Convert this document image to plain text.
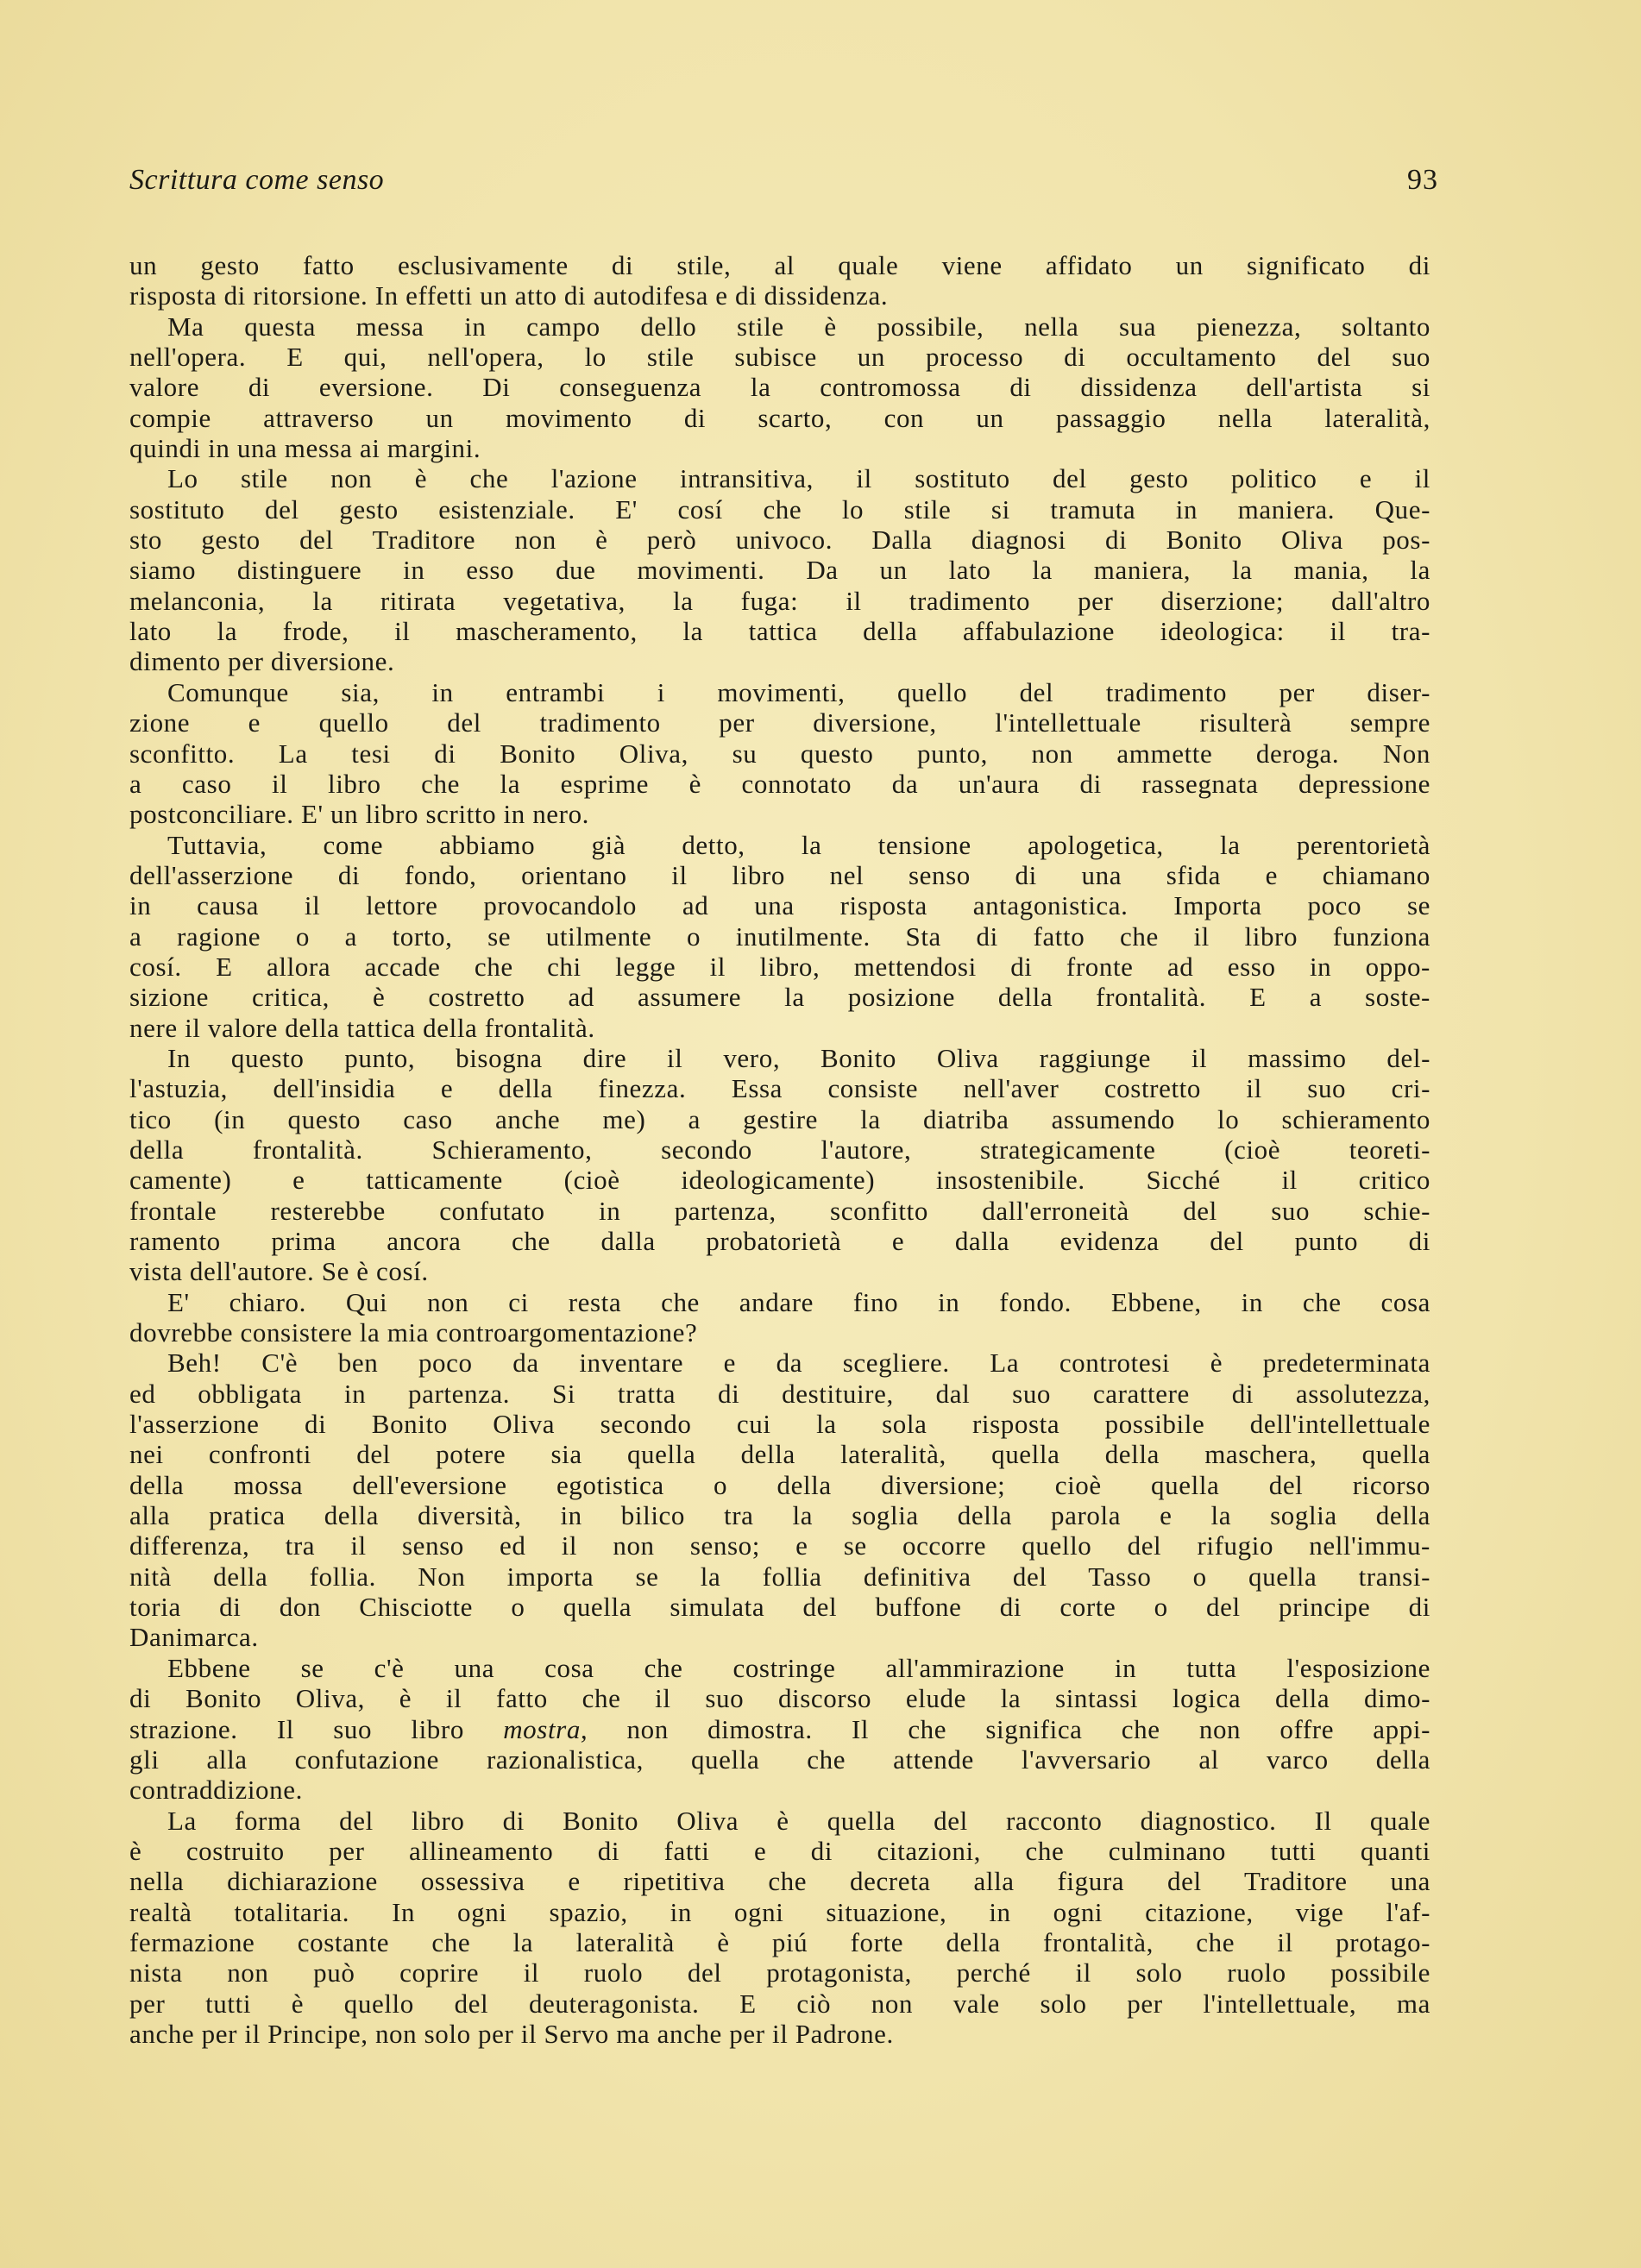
Scrittura come senso	93
un gesto fatto esclusivamente di stile, al quale viene affidato un significato di
risposta di ritorsione. In effetti un atto di autodifesa e di dissidenza.
Ma questa messa in campo dello stile è possibile, nella sua pienezza, soltanto
nell'opera. E qui, nell'opera, lo stile subisce un processo di occultamento del suo
valore di eversione. Di conseguenza la contromossa di dissidenza dell'artista si
compie attraverso un movimento di scarto, con un passaggio nella lateralità,
quindi in una messa ai margini.
Lo stile non è che l'azione intransitiva, il sostituto del gesto politico e il
sostituto del gesto esistenziale. E' cosí che lo stile si tramuta in maniera. Que-
sto gesto del Traditore non è però univoco. Dalla diagnosi di Bonito Oliva pos-
siamo distinguere in esso due movimenti. Da un lato la maniera, la mania, la
melanconia, la ritirata vegetativa, la fuga: il tradimento per diserzione; dall'altro
lato la frode, il mascheramento, la tattica della affabulazione ideologica: il tra-
dimento per diversione.
Comunque sia, in entrambi i movimenti, quello del tradimento per diser-
zione e quello del tradimento per diversione, l'intellettuale risulterà sempre
sconfitto. La tesi di Bonito Oliva, su questo punto, non ammette deroga. Non
a caso il libro che la esprime è connotato da un'aura di rassegnata depressione
postconciliare. E' un libro scritto in nero.
Tuttavia, come abbiamo già detto, la tensione apologetica, la perentorietà
dell'asserzione di fondo, orientano il libro nel senso di una sfida e chiamano
in causa il lettore provocandolo ad una risposta antagonistica. Importa poco se
a ragione o a torto, se utilmente o inutilmente. Sta di fatto che il libro funziona
cosí. E allora accade che chi legge il libro, mettendosi di fronte ad esso in oppo-
sizione critica, è costretto ad assumere la posizione della frontalità. E a soste-
nere il valore della tattica della frontalità.
In questo punto, bisogna dire il vero, Bonito Oliva raggiunge il massimo del-
l'astuzia, dell'insidia e della finezza. Essa consiste nell'aver costretto il suo cri-
tico (in questo caso anche me) a gestire la diatriba assumendo lo schieramento
della frontalità. Schieramento, secondo l'autore, strategicamente (cioè teoreti-
camente) e tatticamente (cioè ideologicamente) insostenibile. Sicché il critico
frontale resterebbe confutato in partenza, sconfitto dall'erroneità del suo schie-
ramento prima ancora che dalla probatorietà e dalla evidenza del punto di
vista dell'autore. Se è cosí.
E' chiaro. Qui non ci resta che andare fino in fondo. Ebbene, in che cosa
dovrebbe consistere la mia controargomentazione?
Beh! C'è ben poco da inventare e da scegliere. La controtesi è predeterminata
ed obbligata in partenza. Si tratta di destituire, dal suo carattere di assolutezza,
l'asserzione di Bonito Oliva secondo cui la sola risposta possibile dell'intellettuale
nei confronti del potere sia quella della lateralità, quella della maschera, quella
della mossa dell'eversione egotistica o della diversione; cioè quella del ricorso
alla pratica della diversità, in bilico tra la soglia della parola e la soglia della
differenza, tra il senso ed il non senso; e se occorre quello del rifugio nell'immu-
nità della follia. Non importa se la follia definitiva del Tasso o quella transi-
toria di don Chisciotte o quella simulata del buffone di corte o del principe di
Danimarca.
Ebbene se c'è una cosa che costringe all'ammirazione in tutta l'esposizione
di Bonito Oliva, è il fatto che il suo discorso elude la sintassi logica della dimo-
strazione. Il suo libro mostra, non dimostra. Il che significa che non offre appi-
gli alla confutazione razionalistica, quella che attende l'avversario al varco della
contraddizione.
La forma del libro di Bonito Oliva è quella del racconto diagnostico. Il quale
è costruito per allineamento di fatti e di citazioni, che culminano tutti quanti
nella dichiarazione ossessiva e ripetitiva che decreta alla figura del Traditore una
realtà totalitaria. In ogni spazio, in ogni situazione, in ogni citazione, vige l'af-
fermazione costante che la lateralità è piú forte della frontalità, che il protago-
nista non può coprire il ruolo del protagonista, perché il solo ruolo possibile
per tutti è quello del deuteragonista. E ciò non vale solo per l'intellettuale, ma
anche per il Principe, non solo per il Servo ma anche per il Padrone.
